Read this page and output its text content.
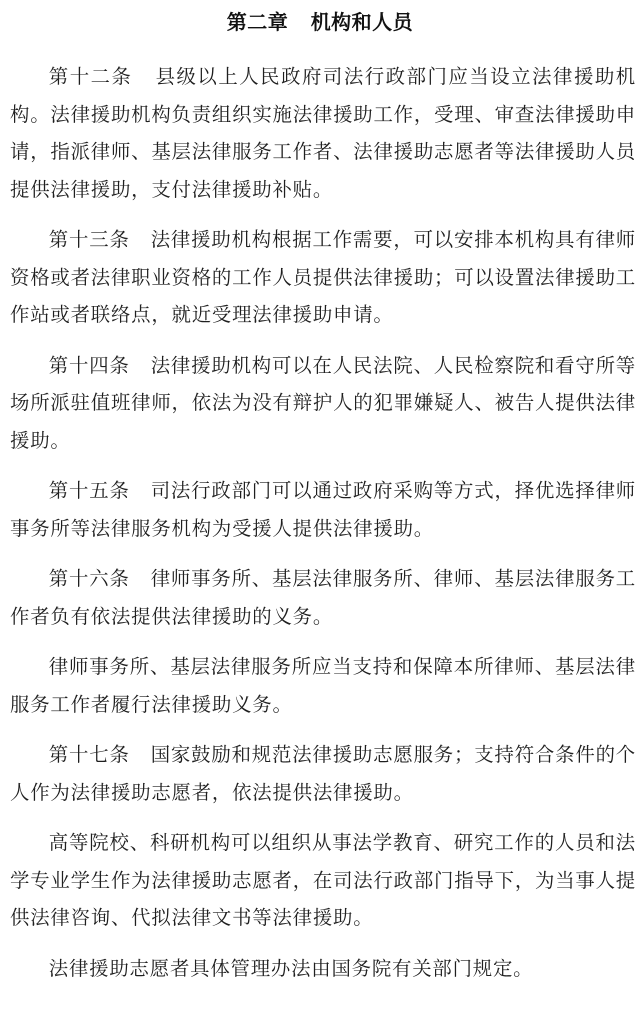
第二章 机构和人员

第十二条 县级以上人民政府司法行政部门应当设立法律援助机构。法律援助机构负责组织实施法律援助工作，受理、审查法律援助申请，指派律师、基层法律服务工作者、法律援助志愿者等法律援助人员提供法律援助，支付法律援助补贴。

第十三条 法律援助机构根据工作需要，可以安排本机构具有律师资格或者法律职业资格的工作人员提供法律援助；可以设置法律援助工作站或者联络点，就近受理法律援助申请。

第十四条 法律援助机构可以在人民法院、人民检察院和看守所等场所派驻值班律师，依法为没有辩护人的犯罪嫌疑人、被告人提供法律援助。

第十五条 司法行政部门可以通过政府采购等方式，择优选择律师事务所等法律服务机构为受援人提供法律援助。

第十六条 律师事务所、基层法律服务所、律师、基层法律服务工作者负有依法提供法律援助的义务。

律师事务所、基层法律服务所应当支持和保障本所律师、基层法律服务工作者履行法律援助义务。

第十七条 国家鼓励和规范法律援助志愿服务；支持符合条件的个人作为法律援助志愿者，依法提供法律援助。

高等院校、科研机构可以组织从事法学教育、研究工作的人员和法学专业学生作为法律援助志愿者，在司法行政部门指导下，为当事人提供法律咨询、代拟法律文书等法律援助。

法律援助志愿者具体管理办法由国务院有关部门规定。
